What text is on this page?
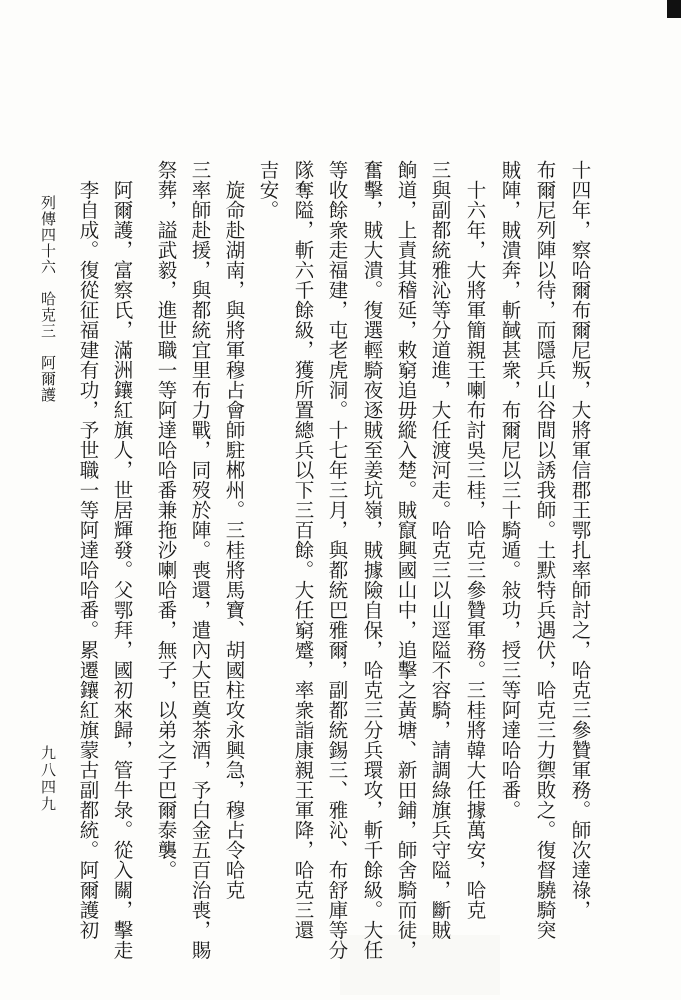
十四年，察哈爾布爾尼叛，大將軍信郡王鄂扎率師討之，哈克三參贊軍務。師次達祿，
布爾尼列陣以待，而隱兵山谷間以誘我師。土默特兵遇伏，哈克三力禦敗之。復督驍騎突
賊陣，賊潰奔，斬馘甚衆，布爾尼以三十騎遁。敍功，授三等阿達哈哈番。
十六年，大將軍簡親王喇布討吳三桂，哈克三參贊軍務。三桂將韓大任據萬安，哈克
三與副都統雅沁等分道進，大任渡河走。哈克三以山逕隘不容騎，請調綠旗兵守隘，斷賊
餉道，上責其稽延，敕窮追毋縱入楚。賊竄興國山中，追擊之黃塘、新田鋪，師舍騎而徒，
奮擊，賊大潰。復選輕騎夜逐賊至姜坑嶺，賊據險自保，哈克三分兵環攻，斬千餘級。大任
等收餘衆走福建，屯老虎洞。十七年三月，與都統巴雅爾，副都統錫三、雅沁、布舒庫等分
隊奪隘，斬六千餘級，獲所置總兵以下三百餘。大任窮蹙，率衆詣康親王軍降，哈克三還
吉安。
旋命赴湖南，與將軍穆占會師駐郴州。三桂將馬寶、胡國柱攻永興急，穆占令哈克
三率師赴援，與都統宜里布力戰，同歿於陣。喪還，遣內大臣奠茶酒，予白金五百治喪，賜
祭葬，謚武毅，進世職一等阿達哈哈番兼拖沙喇哈番，無子，以弟之子巴爾泰襲。
阿爾護，富察氏，滿洲鑲紅旗人，世居輝發。父鄂拜，國初來歸，管牛彔。從入關，擊走
李自成。復從征福建有功，予世職一等阿達哈哈番。累遷鑲紅旗蒙古副都統。阿爾護初
列傳四十六　哈克三　阿爾護
九八四九
